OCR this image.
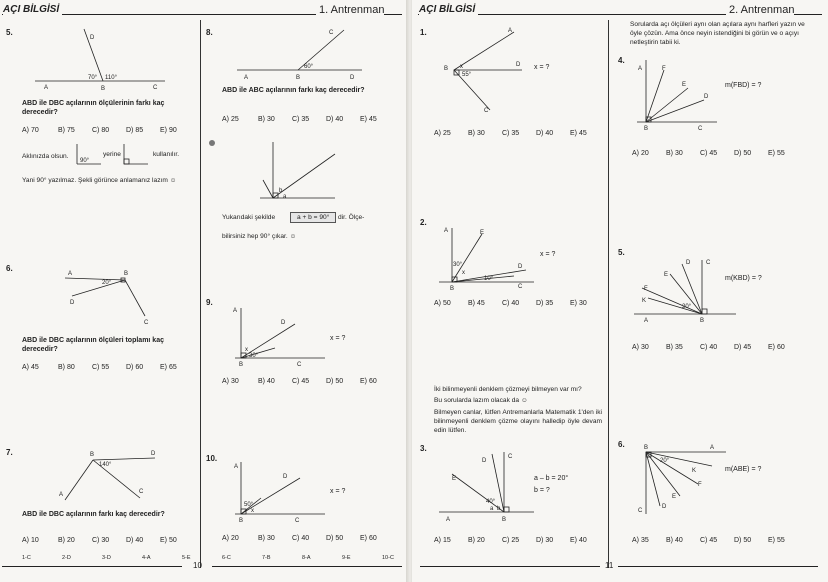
AÇI BİLGİSİ	1. Antrenman
5.
D
A	B	C
70° 110°
ABD ile DBC açılarının ölçülerinin farkı kaç derecedir?
A) 70	B) 75 C) 80 D) 85 E) 90
Aklınızda olsun.
90°
yerine	kullanılır.
Yani 90° yazılmaz. Şekli görünce anlamanız lazım ☺
6.
A	B
D
C
20°
ABD ile DBC açılarının ölçüleri toplamı kaç derecedir?
A) 45	B) 80 C) 55 D) 60 E) 65
7.	B	D
A	C
140°
ABD ile DBC açılarının farkı kaç derecedir?
A) 10	B) 20 C) 30 D) 40 E) 50
8.	C
A	B	D
60°
ABD ile ABC açılarının farkı kaç derecedir?
A) 25	B) 30 C) 35 D) 40 E) 45
b
a
Yukarıdaki şekilde	a + b = 90°	dir. Ölçe-
bilirsiniz hep 90° çıkar. ☺
9.
A
D
B	C
x
30°
x = ?
A) 30	B) 40 C) 45 D) 50 E) 60
10.
A
D
B	C
x
50°
x = ?
A) 20	B) 30 C) 40 D) 50 E) 60
1-C	2-D	3-D	4-A	5-E	6-C	7-B	8-A	9-E	10-C
10
AÇI BİLGİSİ	2. Antrenman
1.	A
B
D
C
x
55°
x = ?
A) 25 B) 30 C) 35 D) 40 E) 45
2.
A	E
D
B	C
x
30°
10°
x = ?
A) 50 B) 45 C) 40 D) 35 E) 30
İki bilinmeyenli denklem çözmeyi bilmeyen var mı?
Bu sorularda lazım olacak da ☺
Bilmeyen canlar, lütfen Antremanlarla Matematik 1'den iki bilinmeyenli denklem çözme olayını halledip öyle devam edin lütfen.
3.
D
C
E
A	B
40°
a b
a – b = 20°
b = ?
A) 15 B) 20 C) 25 D) 30 E) 40
Sorularda açı ölçüleri aynı olan açılara aynı harfleri yazın ve öyle çözün. Ama önce neyin istendiğini bi görün ve o açıyı netleştirin tabii ki.
4.
A	F
E
D
B	C
m(FBD) = ?
A) 20 B) 30 C) 45 D) 50 E) 55
5.
D	C
E
F
K
A	B
20°
m(KBD) = ?
A) 30 B) 35 C) 40 D) 45 E) 60
6.	B	A
K
F
E
D
C
20°
m(ABE) = ?
A) 35 B) 40 C) 45 D) 50 E) 55
11
